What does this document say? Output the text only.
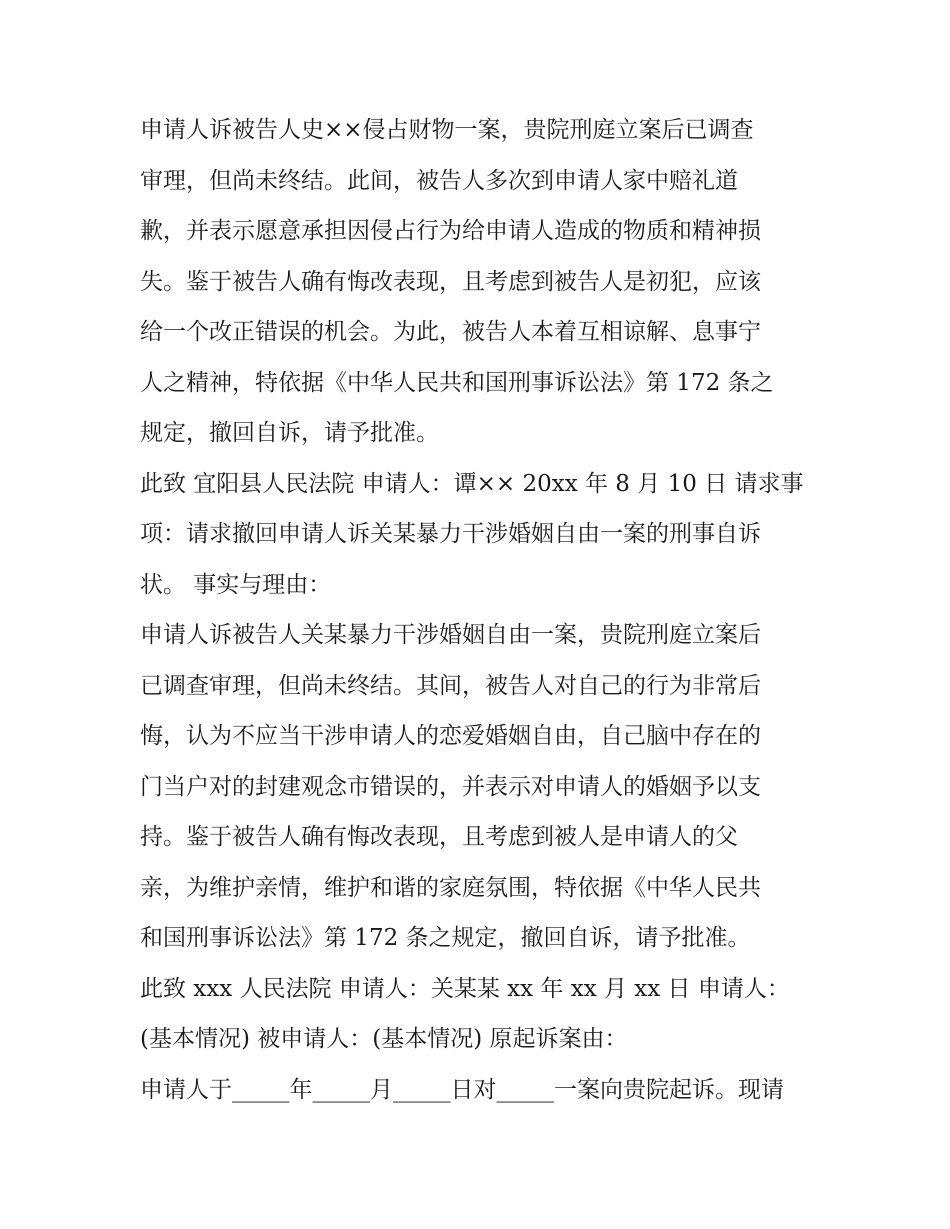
申请人诉被告人史××侵占财物一案，贵院刑庭立案后已调查
审理，但尚未终结。此间，被告人多次到申请人家中赔礼道
歉，并表示愿意承担因侵占行为给申请人造成的物质和精神损
失。鉴于被告人确有悔改表现，且考虑到被告人是初犯，应该
给一个改正错误的机会。为此，被告人本着互相谅解、息事宁
人之精神，特依据《中华人民共和国刑事诉讼法》第 172 条之
规定，撤回自诉，请予批准。
此致 宜阳县人民法院 申请人：谭×× 20xx 年 8 月 10 日 请求事
项：请求撤回申请人诉关某暴力干涉婚姻自由一案的刑事自诉
状。 事实与理由：
申请人诉被告人关某暴力干涉婚姻自由一案，贵院刑庭立案后
已调查审理，但尚未终结。其间，被告人对自己的行为非常后
悔，认为不应当干涉申请人的恋爱婚姻自由，自己脑中存在的
门当户对的封建观念市错误的，并表示对申请人的婚姻予以支
持。鉴于被告人确有悔改表现，且考虑到被人是申请人的父
亲，为维护亲情，维护和谐的家庭氛围，特依据《中华人民共
和国刑事诉讼法》第 172 条之规定，撤回自诉，请予批准。
此致 xxx 人民法院 申请人：关某某 xx 年 xx 月 xx 日 申请人：
(基本情况) 被申请人：(基本情况) 原起诉案由：
申请人于_____年_____月_____日对_____一案向贵院起诉。现请
